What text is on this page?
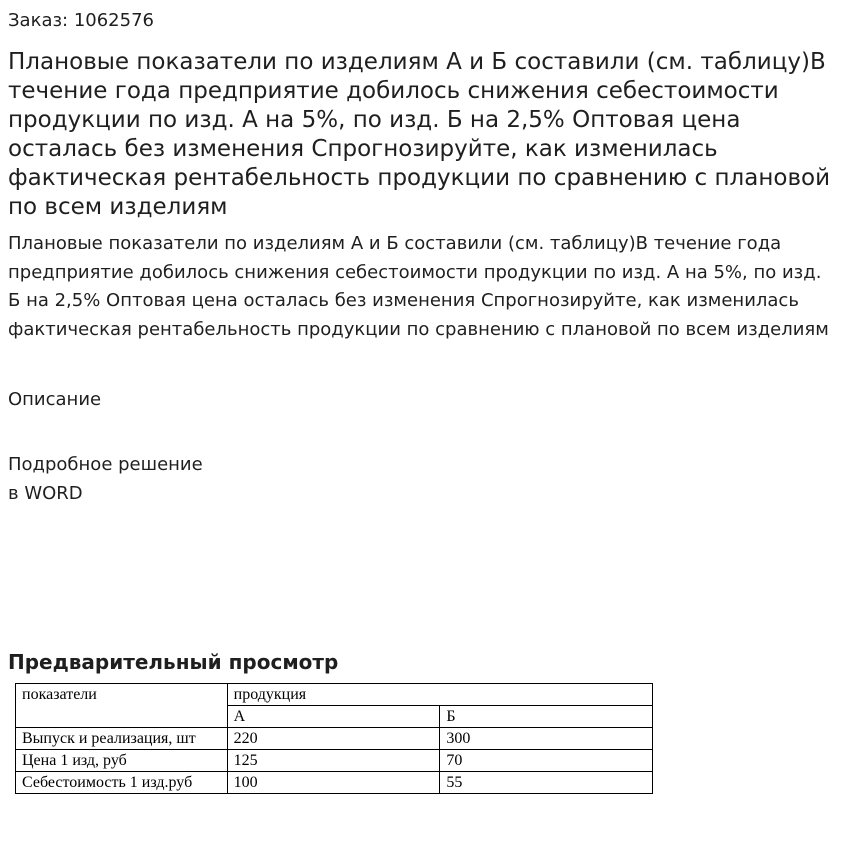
Заказ: 1062576
Плановые показатели по изделиям А и Б составили (см. таблицу)В течение года предприятие добилось снижения себестоимости продукции по изд. А на 5%, по изд. Б на 2,5% Оптовая цена осталась без изменения Спрогнозируйте, как изменилась фактическая рентабельность продукции по сравнению с плановой по всем изделиям

Плановые показатели по изделиям А и Б составили (см. таблицу)В течение года предприятие добилось снижения себестоимости продукции по изд. А на 5%, по изд. Б на 2,5% Оптовая цена осталась без изменения Спрогнозируйте, как изменилась фактическая рентабельность продукции по сравнению с плановой по всем изделиям

Описание
Подробное решение
в WORD
Предварительный просмотр
показатели	продукция	
	А	Б
Выпуск и реализация, шт	220	300
Цена 1 изд, руб	125	70
Себестоимость 1 изд.руб	100	55
